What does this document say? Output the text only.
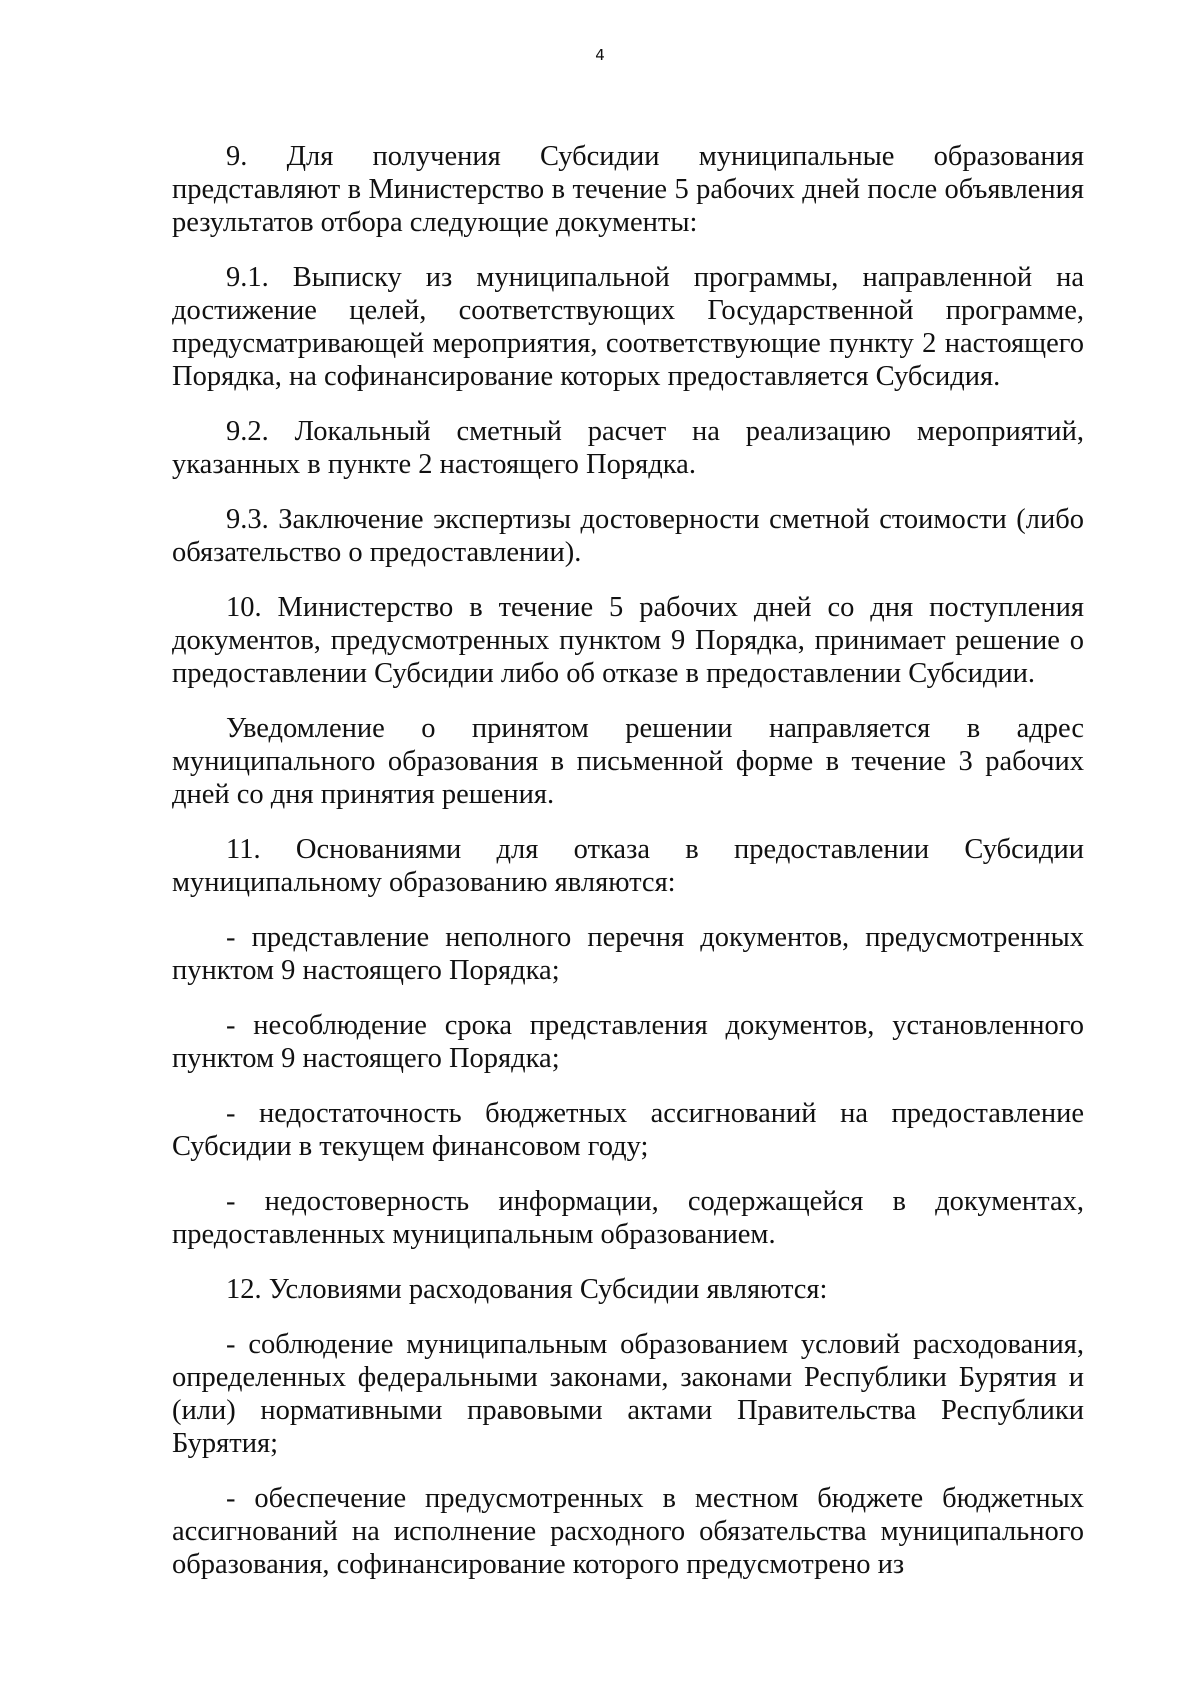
4

9. Для получения Субсидии муниципальные образования представляют в Министерство в течение 5 рабочих дней после объявления результатов отбора следующие документы:

9.1. Выписку из муниципальной программы, направленной на достижение целей, соответствующих Государственной программе, предусматривающей мероприятия, соответствующие пункту 2 настоящего Порядка, на софинансирование которых предоставляется Субсидия.

9.2. Локальный сметный расчет на реализацию мероприятий, указанных в пункте 2 настоящего Порядка.

9.3. Заключение экспертизы достоверности сметной стоимости (либо обязательство о предоставлении).

10. Министерство в течение 5 рабочих дней со дня поступления документов, предусмотренных пунктом 9 Порядка, принимает решение о предоставлении Субсидии либо об отказе в предоставлении Субсидии.

Уведомление о принятом решении направляется в адрес муниципального образования в письменной форме в течение 3 рабочих дней со дня принятия решения.

11. Основаниями для отказа в предоставлении Субсидии муниципальному образованию являются:

- представление неполного перечня документов, предусмотренных пунктом 9 настоящего Порядка;

- несоблюдение срока представления документов, установленного пунктом 9 настоящего Порядка;

- недостаточность бюджетных ассигнований на предоставление Субсидии в текущем финансовом году;

- недостоверность информации, содержащейся в документах, предоставленных муниципальным образованием.

12. Условиями расходования Субсидии являются:

- соблюдение муниципальным образованием условий расходования, определенных федеральными законами, законами Республики Бурятия и (или) нормативными правовыми актами Правительства Республики Бурятия;

- обеспечение предусмотренных в местном бюджете бюджетных ассигнований на исполнение расходного обязательства муниципального образования, софинансирование которого предусмотрено из
